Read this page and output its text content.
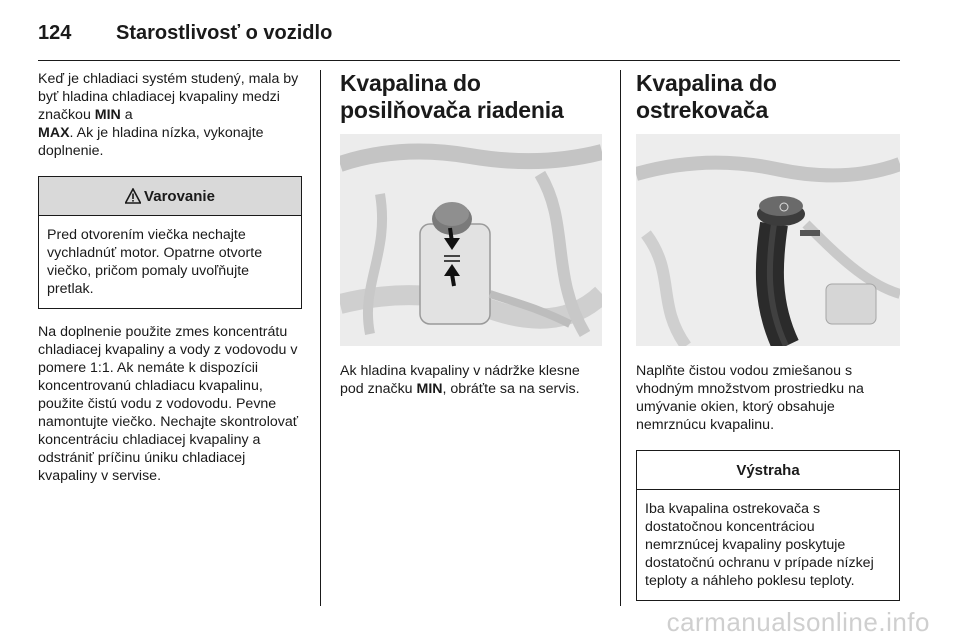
124	Starostlivosť o vozidlo

Keď je chladiaci systém studený, mala by byť hladina chladiacej kvapaliny medzi značkou MIN a
MAX. Ak je hladina nízka, vykonajte doplnenie.

Varovanie

Pred otvorením viečka nechajte vychladnúť motor. Opatrne otvorte viečko, pričom pomaly uvoľňujte pretlak.

Na doplnenie použite zmes koncentrátu chladiacej kvapaliny a vody z vodovodu v pomere 1:1. Ak nemáte k dispozícii koncentrovanú chladiacu kvapalinu, použite čistú vodu z vodovodu. Pevne namontujte viečko. Nechajte skontrolovať koncentráciu chladiacej kvapaliny a odstrániť príčinu úniku chladiacej kvapaliny v servise.

Kvapalina do posilňovača riadenia

Ak hladina kvapaliny v nádržke klesne pod značku MIN, obráťte sa na servis.

Kvapalina do ostrekovača

Naplňte čistou vodou zmiešanou s vhodným množstvom prostriedku na umývanie okien, ktorý obsahuje nemrznúcu kvapalinu.

Výstraha

Iba kvapalina ostrekovača s dostatočnou koncentráciou nemrznúcej kvapaliny poskytuje dostatočnú ochranu v prípade nízkej teploty a náhleho poklesu teploty.

carmanualsonline.info
